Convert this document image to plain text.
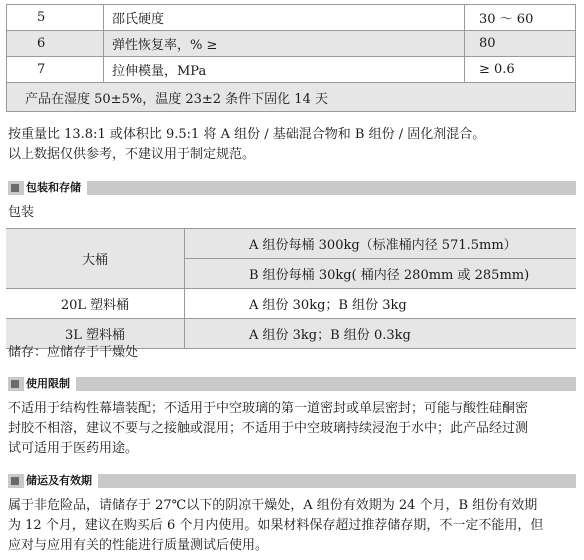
5	邵氏硬度	30 ～ 60
6	弹性恢复率，% ≥	80
7	拉伸模量，MPa	≥ 0.6
产品在湿度 50±5%，温度 23±2 条件下固化 14 天		
按重量比 13.8:1 或体积比 9.5:1 将 A 组份 / 基础混合物和 B 组份 / 固化剂混合。
以上数据仅供参考，不建议用于制定规范。
包装和存储
包装
大桶	A 组份每桶 300kg（标准桶内径 571.5mm）
	B 组份每桶 30kg( 桶内径 280mm 或 285mm)
20L 塑料桶	A 组份 30kg；B 组份 3kg
3L 塑料桶	A 组份 3kg；B 组份 0.3kg
储存：应储存于干燥处
使用限制
不适用于结构性幕墙装配；不适用于中空玻璃的第一道密封或单层密封；可能与酸性硅酮密
封胶不相溶，建议不要与之接触或混用；不适用于中空玻璃持续浸泡于水中；此产品经过测
试可适用于医药用途。
储运及有效期
属于非危险品，请储存于 27℃以下的阴凉干燥处，A 组份有效期为 24 个月，B 组份有效期
为 12 个月，建议在购买后 6 个月内使用。如果材料保存超过推荐储存期，不一定不能用，但
应对与应用有关的性能进行质量测试后使用。
